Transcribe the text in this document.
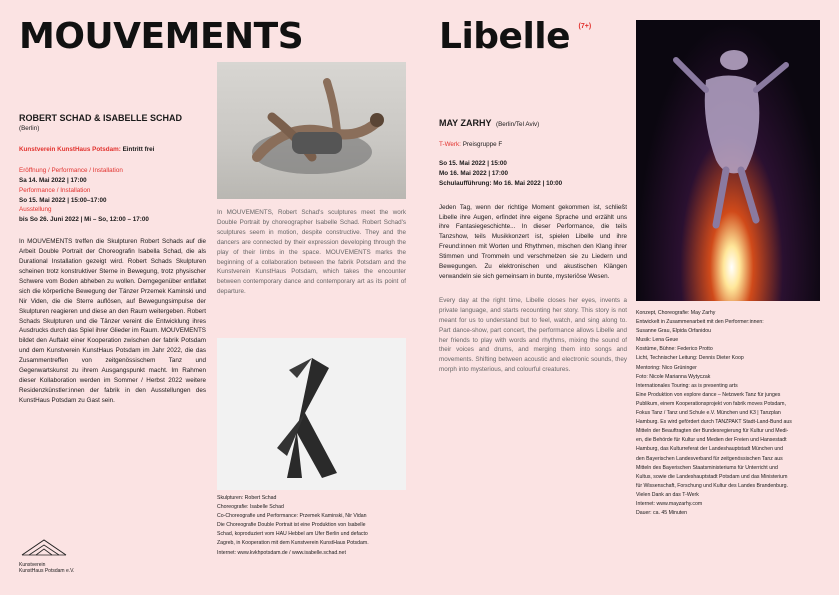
MOUVEMENTS
ROBERT SCHAD & ISABELLE SCHAD
(Berlin)
Kunstverein KunstHaus Potsdam: Eintritt frei
Eröffnung / Performance / Installation
Sa 14. Mai 2022 | 17:00
Performance / Installation
So 15. Mai 2022 | 15:00–17:00
Ausstellung
bis So 26. Juni 2022 | Mi – So, 12:00 – 17:00
In MOUVEMENTS treffen die Skulpturen Robert Schads auf die Arbeit Double Portrait der Choreografin Isabella Schad, die als Durational Installation gezeigt wird. Robert Schads Skulpturen scheinen trotz konstruktiver Sterne in Bewegung, trotz physischer Schwere vom Boden abheben zu wollen. Demgegenüber entfaltet sich die körperliche Bewegung der Tänzer Przemek Kaminski und Nir Viden, die die Sterre auflösen, auf Bewegungsimpulse der Skulpturen reagieren und diese an den Raum weitergeben. Robert Schads Skulpturen und die Tänzer vereint die Entwicklung ihres Ausdrucks durch das Spiel ihrer Glieder im Raum. MOUVEMENTS bildet den Auftakt einer Kooperation zwischen der fabrik Potsdam und dem Kunstverein KunstHaus Potsdam im Jahr 2022, die das Zusammentreffen von zeitgenössischem Tanz und Gegenwartskunst zu ihrem Ausgangspunkt macht. Im Rahmen dieser Kollaboration werden im Sommer / Herbst 2022 weitere Residenzkünstler:innen der fabrik in den Ausstellungen des KunstHaus Potsdam zu Gast sein.
Kunstverein
KunstHaus Potsdam e.V.
In MOUVEMENTS, Robert Schad's sculptures meet the work Double Portrait by choreographer Isabelle Schad. Robert Schad's sculptures seem in motion, despite constructive. They and the dancers are connected by their expression developing through the play of their limbs in the space. MOUVEMENTS marks the beginning of a collaboration between the fabrik Potsdam and the Kunstverein KunstHaus Potsdam, which takes the encounter between contemporary dance and contemporary art as its point of departure.
Skulpturen: Robert Schad
Choreografie: Isabelle Schad
Co-Choreografie und Performance: Przemek Kaminski, Nir Vidan
Die Choreografie Double Portrait ist eine Produktion von Isabelle
Schad, koproduziert vom HAU Hebbel am Ufer Berlin und defacto
Zagreb, in Kooperation mit dem Kunstverein KunstHaus Potsdam.
Internet: www.kvkhpotsdam.de / www.isabelle.schad.net
Libelle $^{(7+)}$
MAY ZARHY (Berlin/Tel Aviv)
T-Werk: Preisgruppe F
So 15. Mai 2022 | 15:00
Mo 16. Mai 2022 | 17:00
Schulaufführung: Mo 16. Mai 2022 | 10:00
Jeden Tag, wenn der richtige Moment gekommen ist, schließt Libelle ihre Augen, erfindet ihre eigene Sprache und erzählt uns ihre Fantasiegeschichte... In dieser Performance, die teils Tanzshow, teils Musikkonzert ist, spielen Libelle und ihre Freund:innen mit Worten und Rhythmen, mischen den Klang ihrer Stimmen und Trommeln und verschmelzen sie zu Liedern und Bewegungen. Zu elektronischen und akustischen Klängen verwandeln sie sich gemeinsam in bunte, mysteriöse Wesen.
Every day at the right time, Libelle closes her eyes, invents a private language, and starts recounting her story. This story is not meant for us to understand but to feel, watch, and sing along to. Part dance-show, part concert, the performance allows Libelle and her friends to play with words and rhythms, mixing the sound of their voices and drums, and merging them into songs and movements. Shifting between acoustic and electronic sounds, they morph into mysterious, and colourful creatures.
Konzept, Choreografie: May Zarhy
Entwickelt in Zusammenarbeit mit den Performer:innen:
Susanne Grau, Elpida Orfanidou
Musik: Lena Geue
Kostüme, Bühne: Federico Protto
Licht, Technischer Leitung: Dennis Dieter Koop
Mentoring: Nico Grüninger
Foto: Nicole Marianna Wytyczak
Internationales Touring: as is presenting arts
Eine Produktion von explore dance – Netzwerk Tanz für junges
Publikum, einem Kooperationsprojekt von fabrik moves Potsdam,
Fokus Tanz / Tanz und Schule e.V. München und K3 | Tanzplan
Hamburg. Es wird gefördert durch TANZPAKT Stadt-Land-Bund aus
Mitteln der Beauftragten der Bundesregierung für Kultur und Medi-
en, die Behörde für Kultur und Medien der Freien und Hansestadt
Hamburg, das Kulturreferat der Landeshauptstadt München und
den Bayerischen Landesverband für zeitgenössischen Tanz aus
Mitteln des Bayerischen Staatsministeriums für Unterricht und
Kultus, sowie die Landeshauptstadt Potsdam und das Ministerium
für Wissenschaft, Forschung und Kultur des Landes Brandenburg.
Vielen Dank an das T-Werk
Internet: www.mayzarhy.com
Dauer: ca. 45 Minuten
